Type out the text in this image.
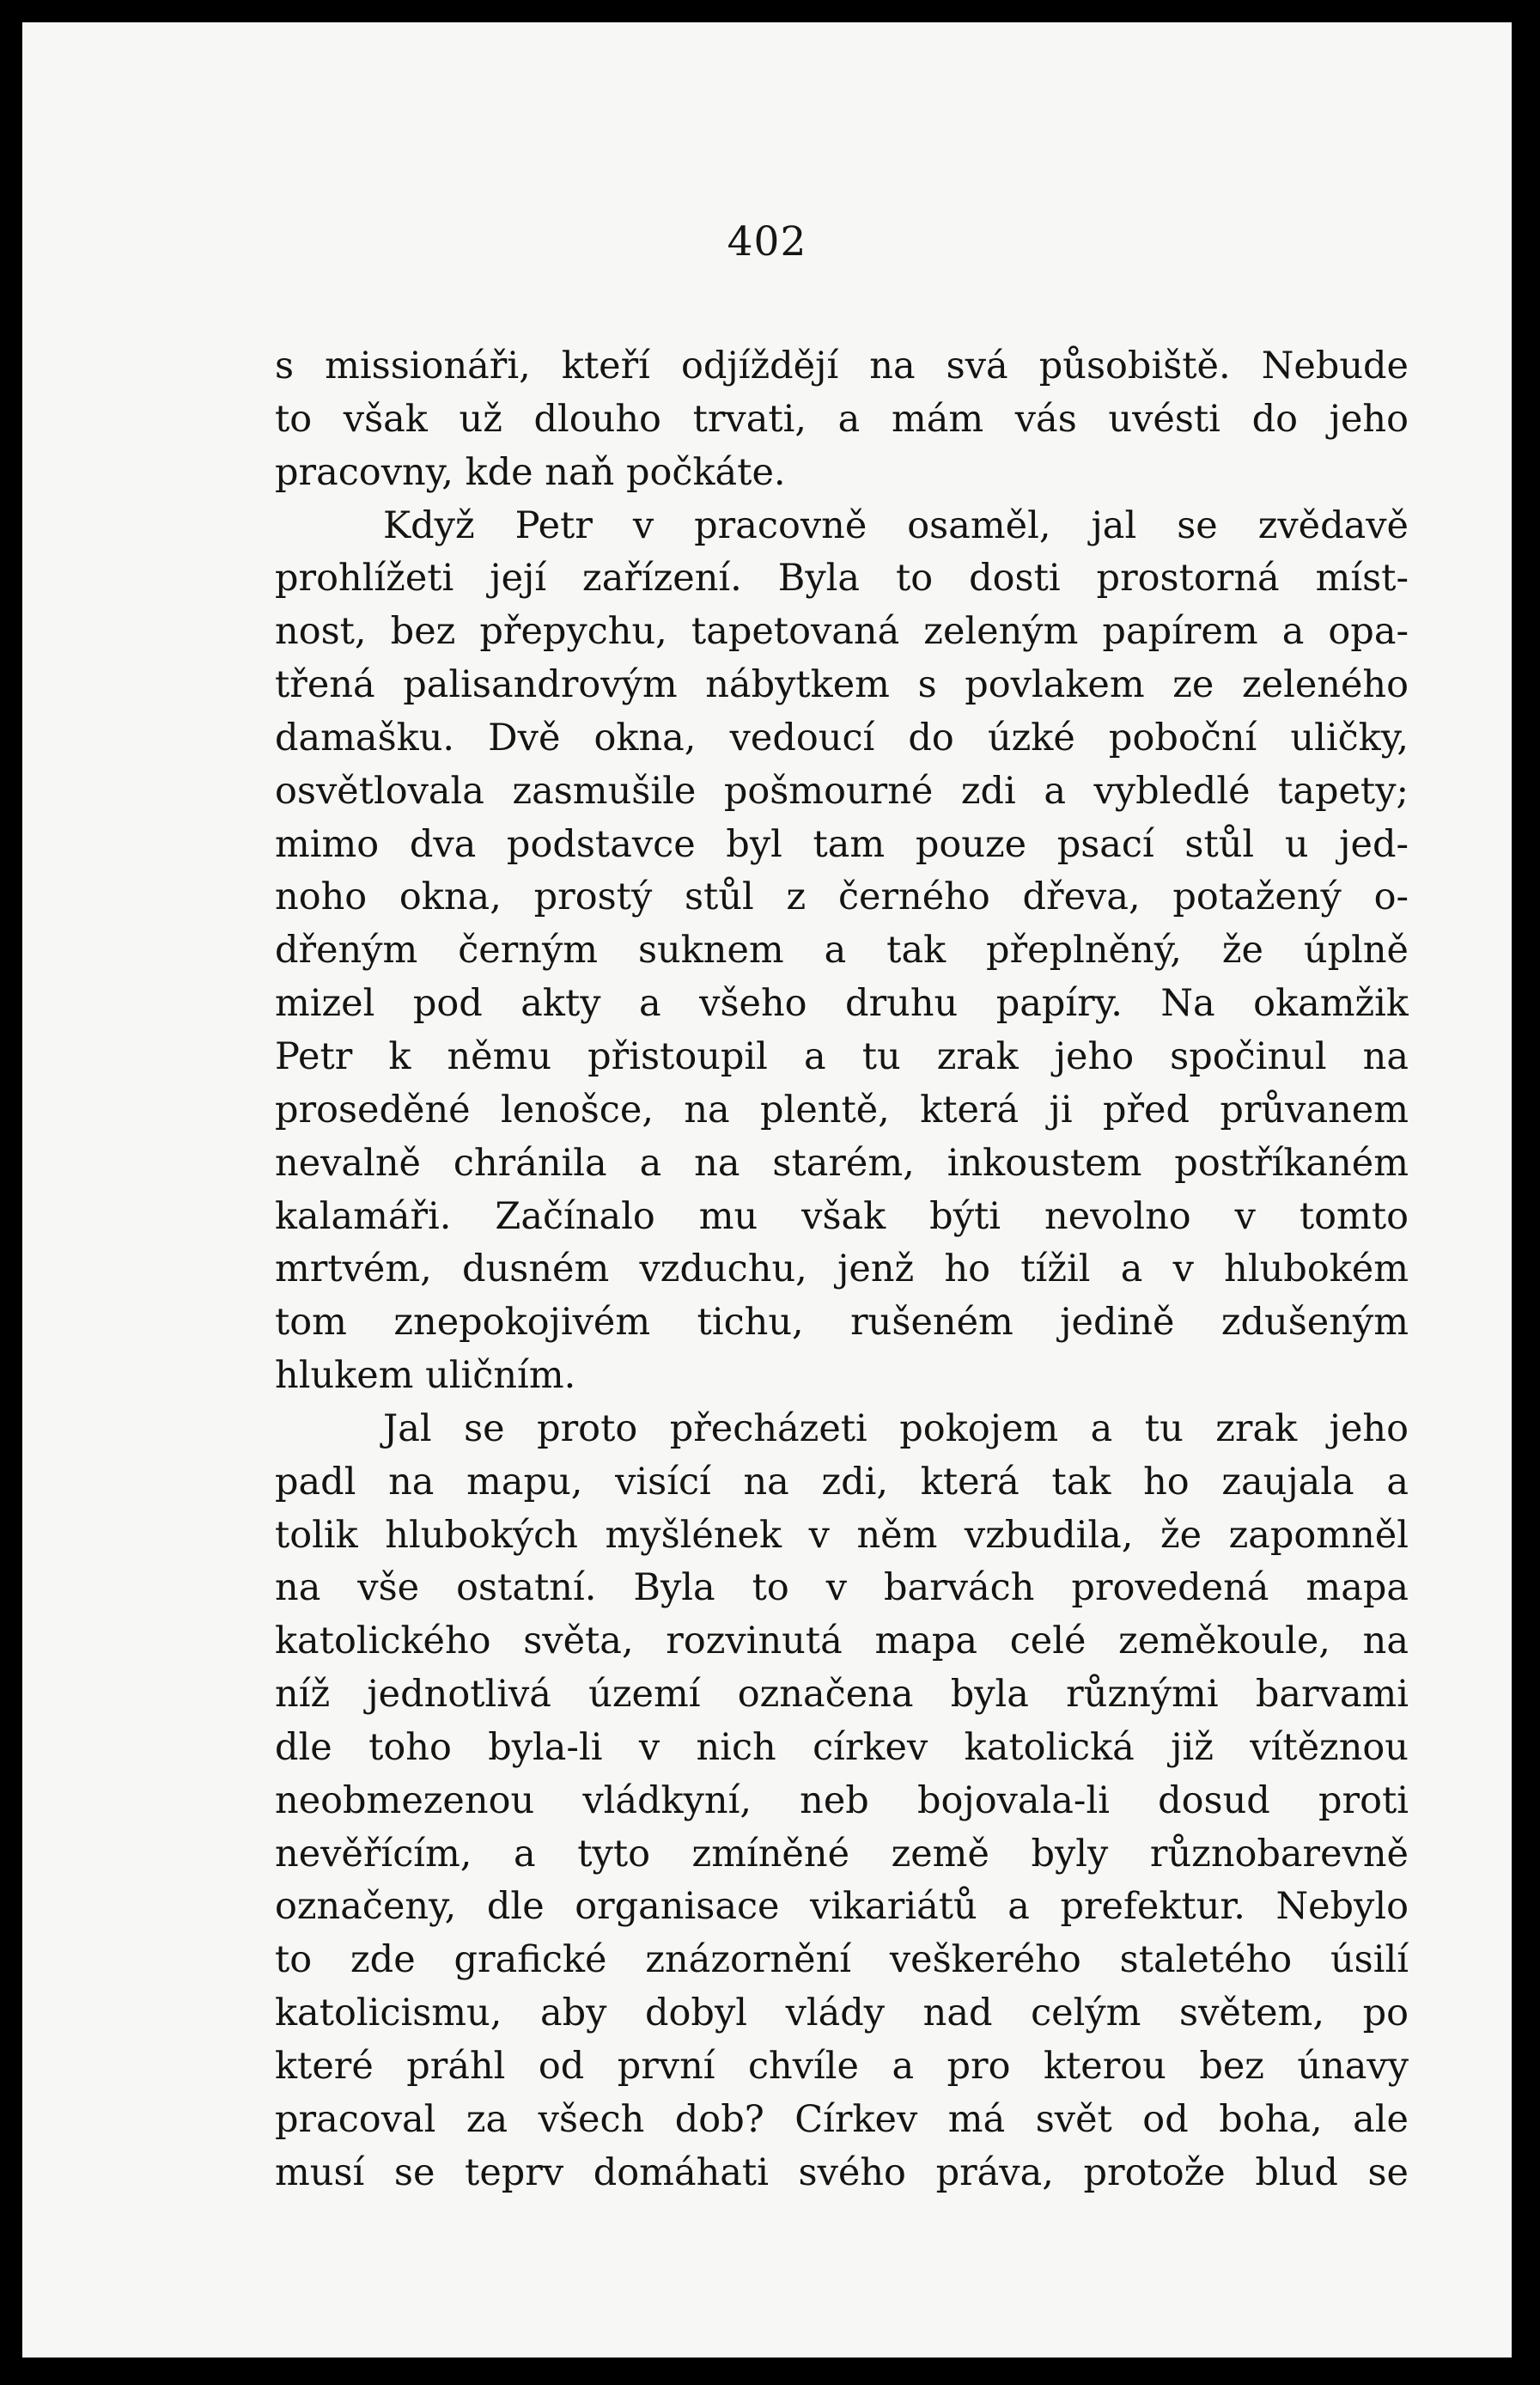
402
s missionáři, kteří odjíždějí na svá působiště. Nebude
to však už dlouho trvati, a mám vás uvésti do jeho
pracovny, kde naň počkáte.
Když Petr v pracovně osaměl, jal se zvědavě
prohlížeti její zařízení. Byla to dosti prostorná míst-
nost, bez přepychu, tapetovaná zeleným papírem a opa-
třená palisandrovým nábytkem s povlakem ze zeleného
damašku. Dvě okna, vedoucí do úzké poboční uličky,
osvětlovala zasmušile pošmourné zdi a vybledlé tapety;
mimo dva podstavce byl tam pouze psací stůl u jed-
noho okna, prostý stůl z černého dřeva, potažený o-
dřeným černým suknem a tak přeplněný, že úplně
mizel pod akty a všeho druhu papíry. Na okamžik
Petr k němu přistoupil a tu zrak jeho spočinul na
proseděné lenošce, na plentě, která ji před průvanem
nevalně chránila a na starém, inkoustem postříkaném
kalamáři. Začínalo mu však býti nevolno v tomto
mrtvém, dusném vzduchu, jenž ho tížil a v hlubokém
tom znepokojivém tichu, rušeném jedině zdušeným
hlukem uličním.
Jal se proto přecházeti pokojem a tu zrak jeho
padl na mapu, visící na zdi, která tak ho zaujala a
tolik hlubokých myšlének v něm vzbudila, že zapomněl
na vše ostatní. Byla to v barvách provedená mapa
katolického světa, rozvinutá mapa celé zeměkoule, na
níž jednotlivá území označena byla různými barvami
dle toho byla-li v nich církev katolická již vítěznou
neobmezenou vládkyní, neb bojovala-li dosud proti
nevěřícím, a tyto zmíněné země byly různobarevně
označeny, dle organisace vikariátů a prefektur. Nebylo
to zde grafické znázornění veškerého staletého úsilí
katolicismu, aby dobyl vlády nad celým světem, po
které práhl od první chvíle a pro kterou bez únavy
pracoval za všech dob? Církev má svět od boha, ale
musí se teprv domáhati svého práva, protože blud se
